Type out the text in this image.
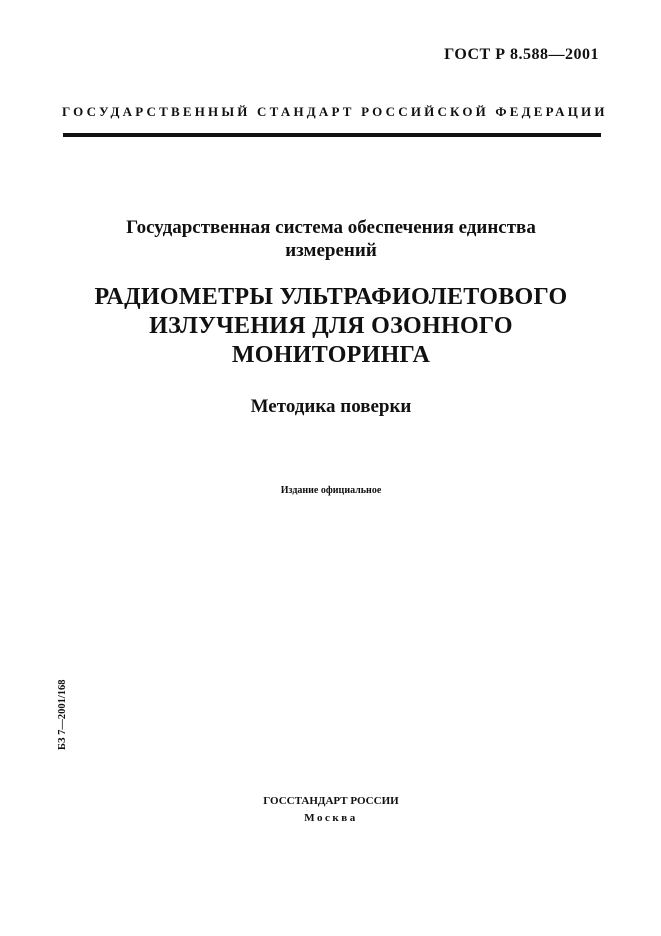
ГОСТ Р 8.588—2001
ГОСУДАРСТВЕННЫЙ СТАНДАРТ РОССИЙСКОЙ ФЕДЕРАЦИИ
Государственная система обеспечения единства
измерений
РАДИОМЕТРЫ УЛЬТРАФИОЛЕТОВОГО
ИЗЛУЧЕНИЯ ДЛЯ ОЗОННОГО
МОНИТОРИНГА
Методика поверки
Издание официальное
БЗ 7—2001/168
ГОССТАНДАРТ РОССИИ
Москва
